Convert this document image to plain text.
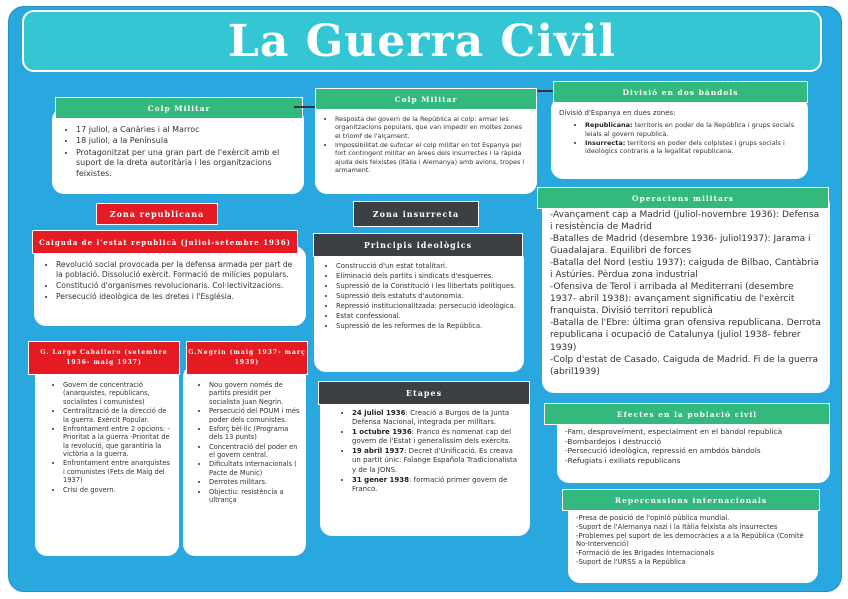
La Guerra Civil
• 17 juliol, a Canàries i al Marroc
• 18 juliol, a la Península
• Protagonitzat per una gran part de l'exèrcit amb el suport de la dreta autoritària i les organitzacions feixistes.
Colp Militar
• Resposta del govern de la República al colp: armar les organitzacions populars, que van impedir en moltes zones el triomf de l'alçament.
• Impossibilitat de sufocar el colp militar en tot Espanya pel fort contingent militar en àrees dels insurrectes i la ràpida ajuda dels feixistes (Itàlia i Alemanya) amb avions, tropes i armament.
Colp Militar

Divisió d'Espanya en dues zones:

• Republicana: territoris en poder de la República i grups socials leials al govern republicà.
• Insurrecta: territoris en poder dels colpistes i grups socials i ideològics contraris a la legalitat republicana.
Divisió en dos bàndols
Zona republicana	Zona insurrecta
• Revolució social provocada per la defensa armada per part de la població. Dissolució exèrcit. Formació de milícies populars.
• Constitució d'organismes revolucionaris. Col·lectivitzacions.
• Persecució ideològica de les dretes i l'Església.
Caiguda de l'estat republicà (juliol-setembre 1936)
• Construcció d'un estat totalitari.
• Eliminació dels partits i sindicats d'esquerres.
• Supressió de la Constitució i les llibertats polítiques.
• Supressió dels estatuts d'autonomia.
• Repressió institucionalitzada: persecució ideològica.
• Estat confessional.
• Supressió de les reformes de la República.
Principis ideològics

-Avançament cap a Madrid (juliol-novembre 1936): Defensa i resistència de Madrid

-Batalles de Madrid (desembre 1936- juliol1937): Jarama i Guadalajara. Equilibri de forces

-Batalla del Nord (estiu 1937): caiguda de Bilbao, Cantàbria i Astúries. Pèrdua zona industrial

-Ofensiva de Terol i arribada al Mediterrani (desembre 1937- abril 1938): avançament significatiu de l'exèrcit franquista. Divisió territori republicà

-Batalla de l'Ebre: última gran ofensiva republicana. Derrota republicana i ocupació de Catalunya (juliol 1938- febrer 1939)

-Colp d'estat de Casado. Caiguda de Madrid. Fi de la guerra (abril1939)

Operacions militars
• Govern de concentració (anarquistes, republicans, socialistes i comunistes)
• Centralització de la direcció de la guerra. Exèrcit Popular.
• Enfrontament entre 2 opcions: -Prioritat a la guerra -Prioritat de la revolució, que garantiria la victòria a la guerra.
• Enfrontament entre anarquistes i comunistes (Fets de Maig del 1937)
• Crisi de govern.
G. Largo Caballero (setembre 1936- maig 1937)
• Nou govern només de partits presidit per socialista Juan Negrín.
• Persecució del POUM i més poder dels comunistes.
• Esforç bèl·lic (Programa dels 13 punts)
• Concentració del poder en el govern central.
• Dificultats internacionals ( Pacte de Munic)
• Derrotes militars.
• Objectiu: resistència a ultrança
G.Negrín (maig 1937- març 1939)
• 24 juliol 1936: Creació a Burgos de la Junta Defensa Nacional, integrada per militars.
• 1 octubre 1936: Franco és nomenat cap del govern de l'Estat i generalíssim dels exèrcits.
• 19 abril 1937: Decret d'Unificació. Es creava un partit únic: Falange Española Tradicionalista y de la JONS.
• 31 gener 1938: formació primer govern de Franco.
Etapes

-Fam, desproveïment, especialment en el bàndol republicà

-Bombardejos i destrucció

-Persecució ideològica, repressió en ambdós bàndols

-Refugiats i exiliats republicans

Efectes en la població civil

-Presa de posició de l'opinió pública mundial.

-Suport de l'Alemanya nazi i la Itàlia feixista als insurrectes

-Problemes pel suport de les democràcies a a la República (Comitè No-Intervenció)

-Formació de les Brigades Internacionals

-Suport de l'URSS a la República

Repercussions internacionals
